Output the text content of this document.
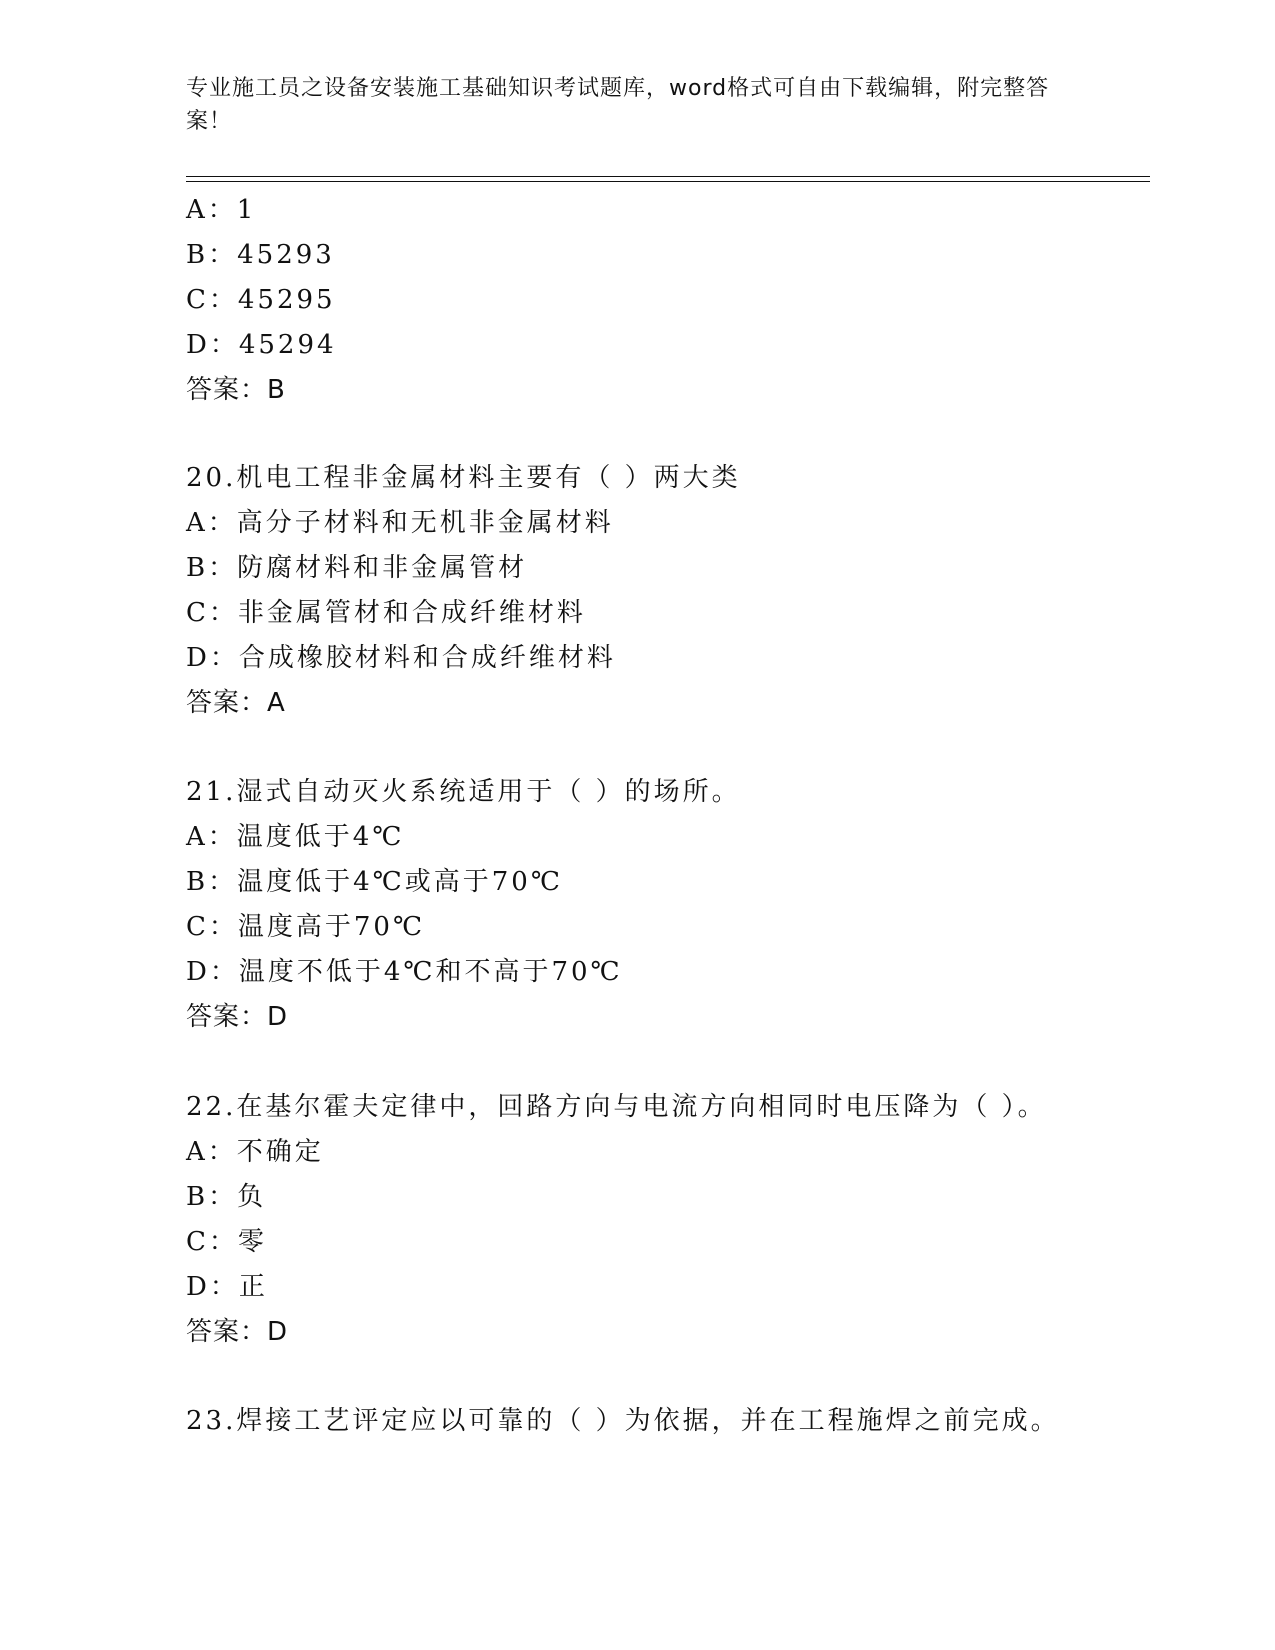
专业施工员之设备安装施工基础知识考试题库，word格式可自由下载编辑，附完整答案！
A：1
B：45293
C：45295
D：45294
答案：B
20.机电工程非金属材料主要有（ ）两大类
A：高分子材料和无机非金属材料
B：防腐材料和非金属管材
C：非金属管材和合成纤维材料
D：合成橡胶材料和合成纤维材料
答案：A
21.湿式自动灭火系统适用于（ ）的场所。
A：温度低于4℃
B：温度低于4℃或高于70℃
C：温度高于70℃
D：温度不低于4℃和不高于70℃
答案：D
22.在基尔霍夫定律中，回路方向与电流方向相同时电压降为（ ）。
A：不确定
B：负
C：零
D：正
答案：D
23.焊接工艺评定应以可靠的（ ）为依据，并在工程施焊之前完成。
